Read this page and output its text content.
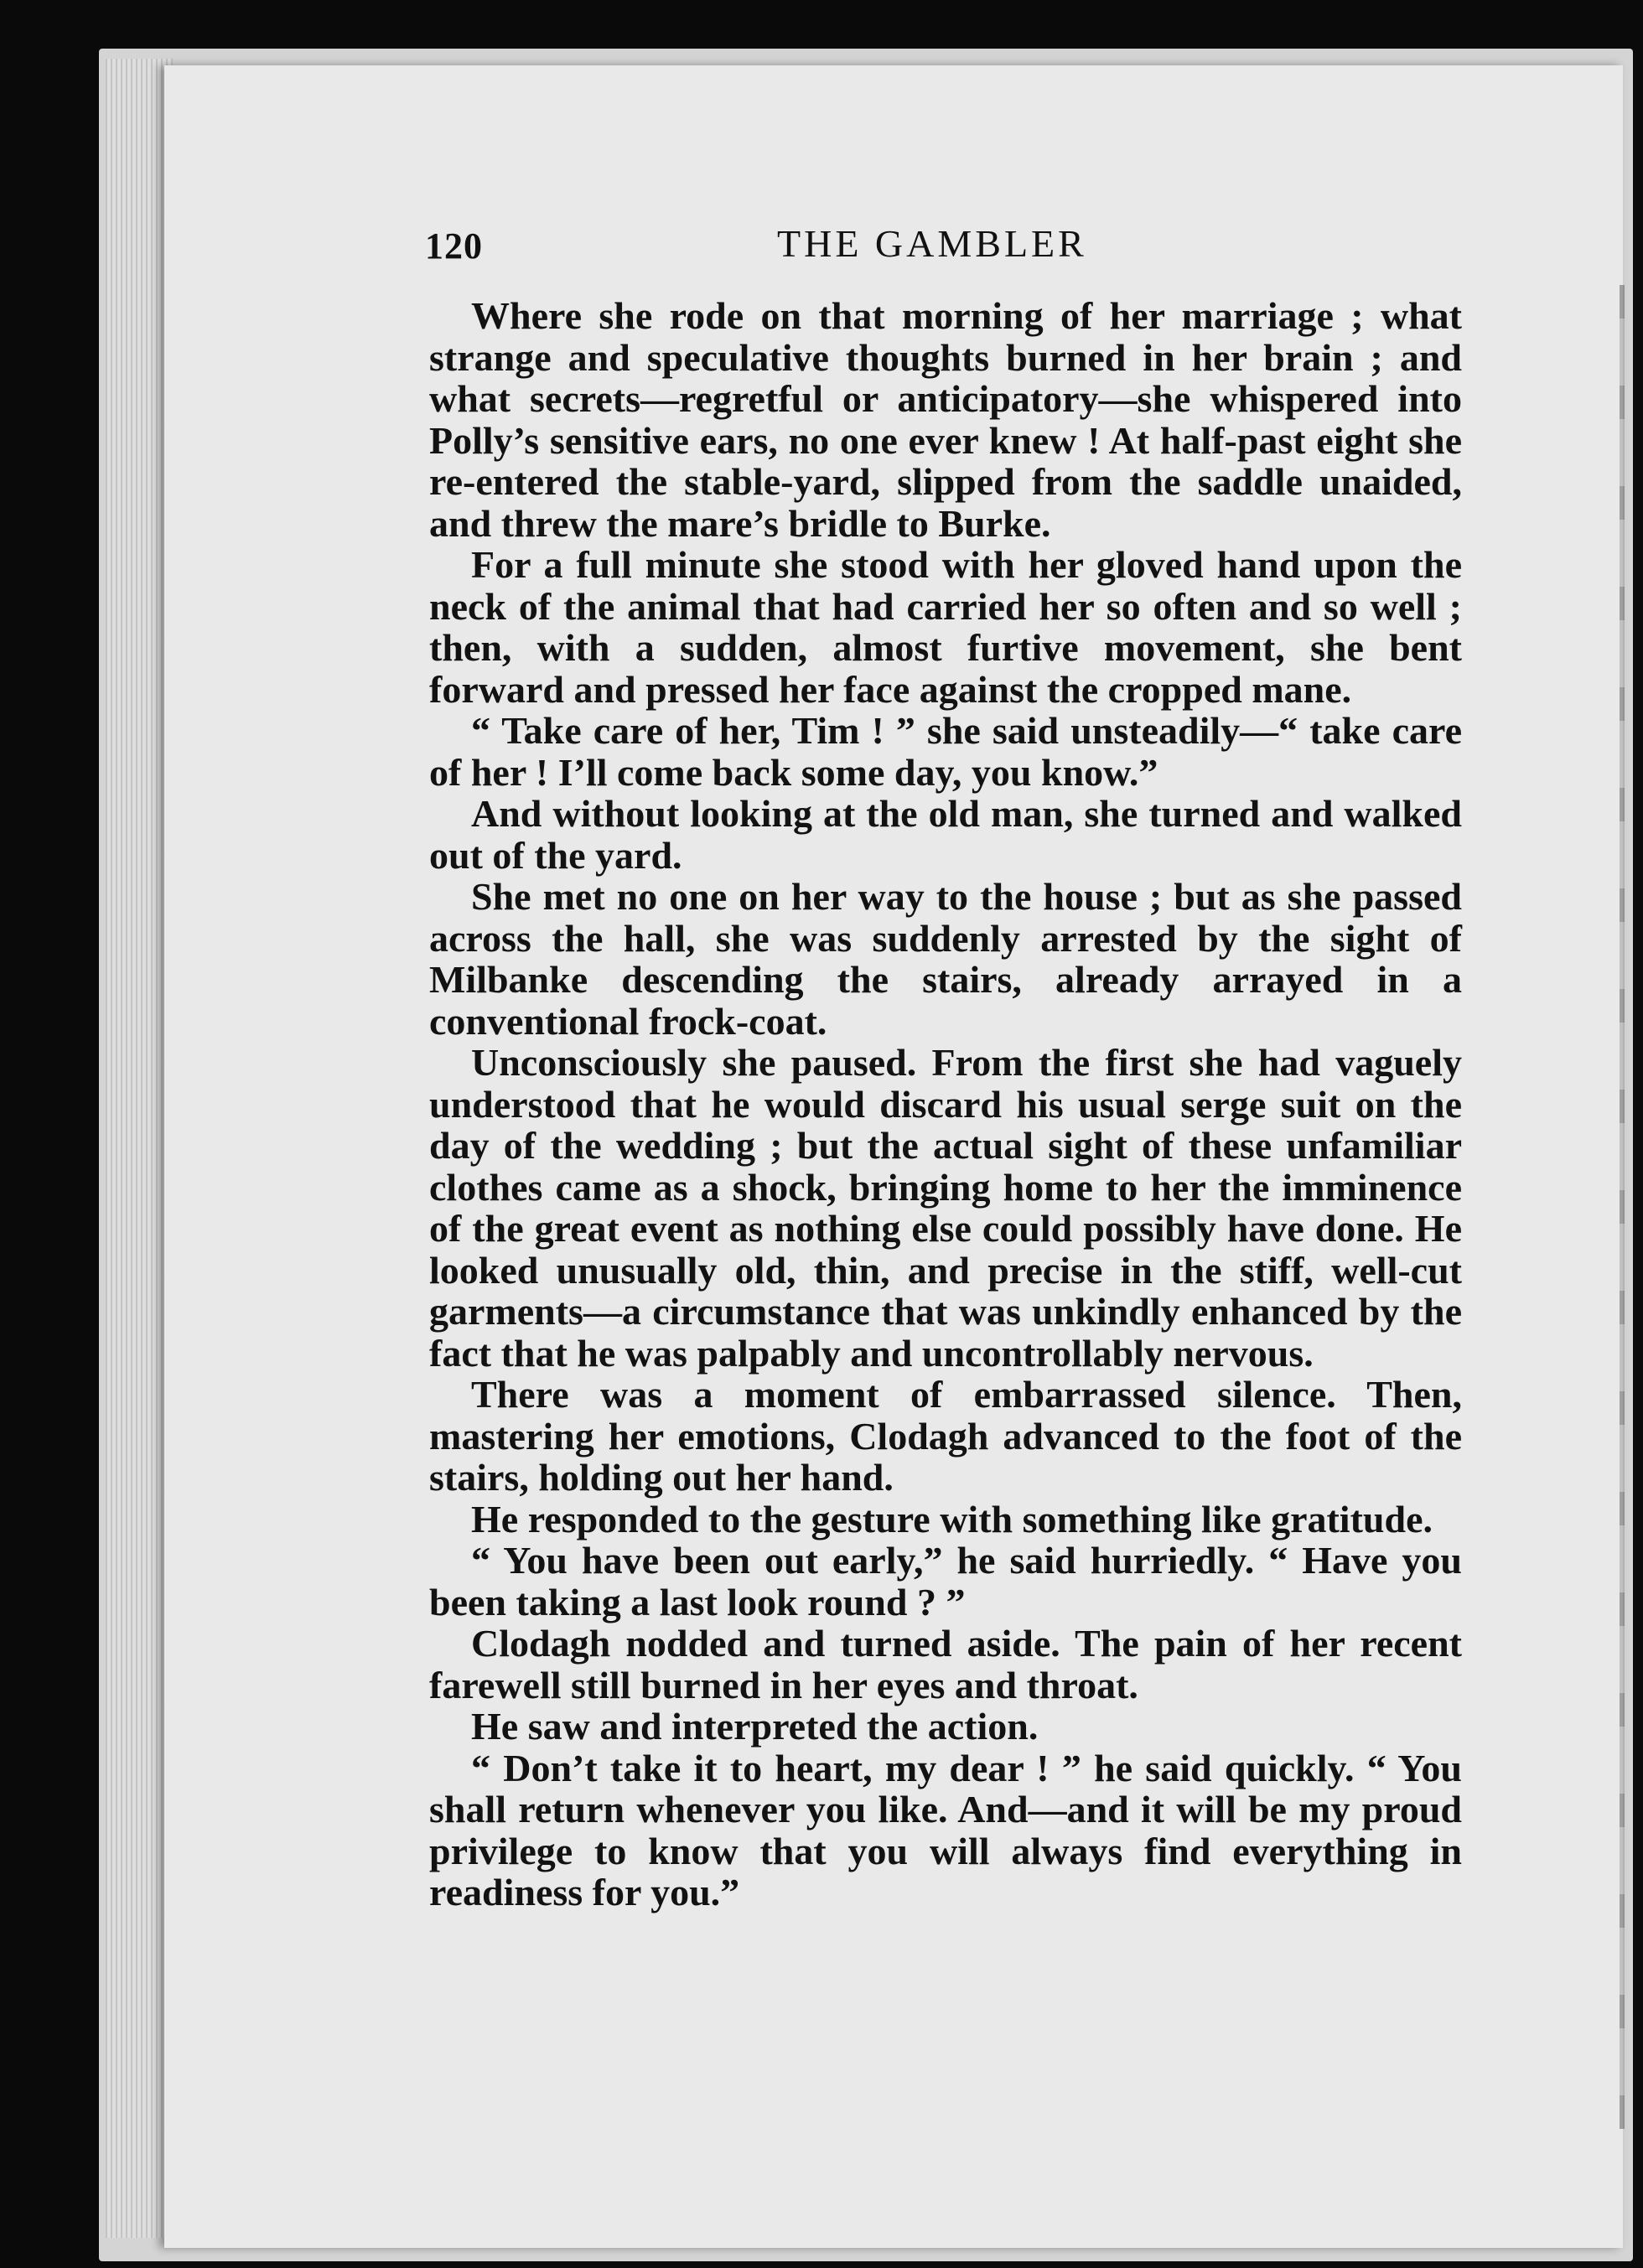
120	THE GAMBLER

Where she rode on that morning of her marriage ; what strange and speculative thoughts burned in her brain ; and what secrets—regretful or anticipatory—she whispered into Polly’s sensitive ears, no one ever knew ! At half-past eight she re-entered the stable-yard, slipped from the saddle unaided, and threw the mare’s bridle to Burke.

For a full minute she stood with her gloved hand upon the neck of the animal that had carried her so often and so well ; then, with a sudden, almost furtive movement, she bent forward and pressed her face against the cropped mane.

“ Take care of her, Tim ! ” she said unsteadily—“ take care of her ! I’ll come back some day, you know.”

And without looking at the old man, she turned and walked out of the yard.

She met no one on her way to the house ; but as she passed across the hall, she was suddenly arrested by the sight of Milbanke descending the stairs, already arrayed in a conventional frock-coat.

Unconsciously she paused. From the first she had vaguely understood that he would discard his usual serge suit on the day of the wedding ; but the actual sight of these unfamiliar clothes came as a shock, bringing home to her the imminence of the great event as nothing else could possibly have done. He looked unusually old, thin, and precise in the stiff, well-cut garments—a circumstance that was unkindly enhanced by the fact that he was palpably and uncontrollably nervous.

There was a moment of embarrassed silence. Then, mastering her emotions, Clodagh advanced to the foot of the stairs, holding out her hand.

He responded to the gesture with something like gratitude.

“ You have been out early,” he said hurriedly. “ Have you been taking a last look round ? ”

Clodagh nodded and turned aside. The pain of her recent farewell still burned in her eyes and throat.

He saw and interpreted the action.

“ Don’t take it to heart, my dear ! ” he said quickly. “ You shall return whenever you like. And—and it will be my proud privilege to know that you will always find everything in readiness for you.”
